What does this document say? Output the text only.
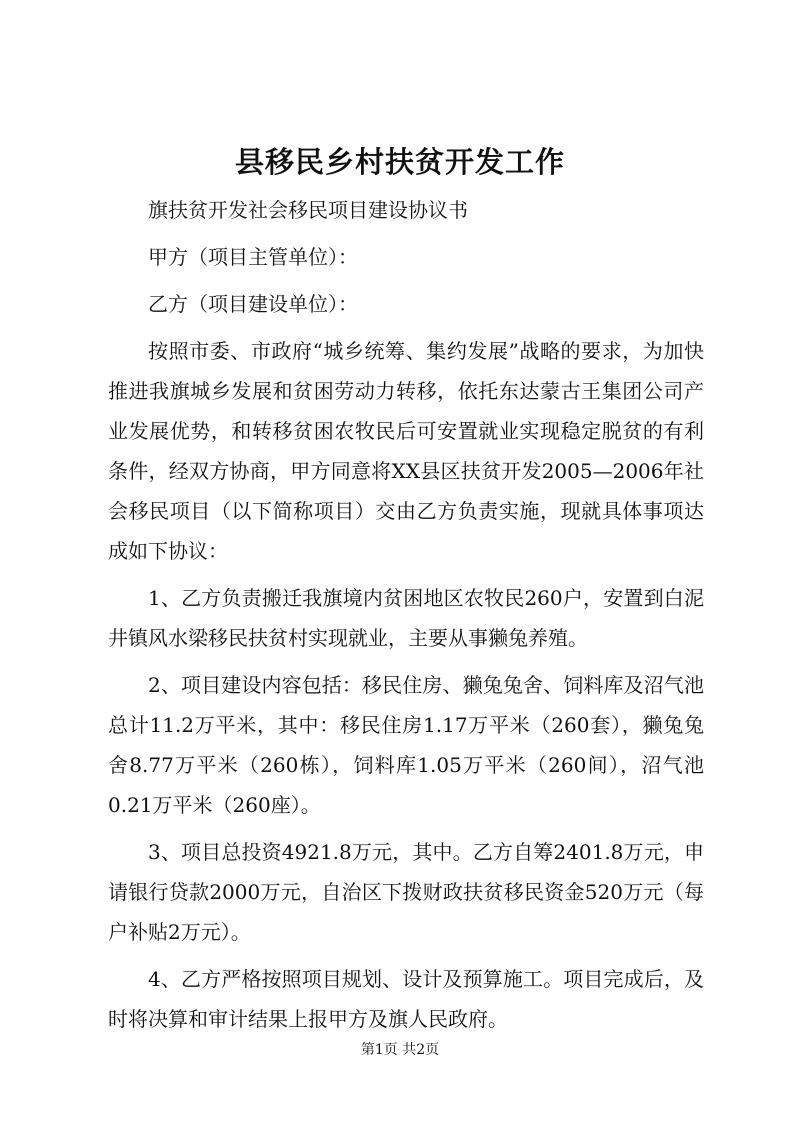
县移民乡村扶贫开发工作

旗扶贫开发社会移民项目建设协议书

甲方（项目主管单位）：

乙方（项目建设单位）：

按照市委、市政府“城乡统筹、集约发展”战略的要求，为加快推进我旗城乡发展和贫困劳动力转移，依托东达蒙古王集团公司产业发展优势，和转移贫困农牧民后可安置就业实现稳定脱贫的有利条件，经双方协商，甲方同意将XX县区扶贫开发2005—2006年社会移民项目（以下简称项目）交由乙方负责实施，现就具体事项达成如下协议：

1、乙方负责搬迁我旗境内贫困地区农牧民260户，安置到白泥井镇风水梁移民扶贫村实现就业，主要从事獭兔养殖。

2、项目建设内容包括：移民住房、獭兔兔舍、饲料库及沼气池总计11.2万平米，其中：移民住房1.17万平米（260套），獭兔兔舍8.77万平米（260栋），饲料库1.05万平米（260间），沼气池0.21万平米（260座）。

3、项目总投资4921.8万元，其中。乙方自筹2401.8万元，申请银行贷款2000万元，自治区下拨财政扶贫移民资金520万元（每户补贴2万元）。

4、乙方严格按照项目规划、设计及预算施工。项目完成后，及时将决算和审计结果上报甲方及旗人民政府。

第1页 共2页
